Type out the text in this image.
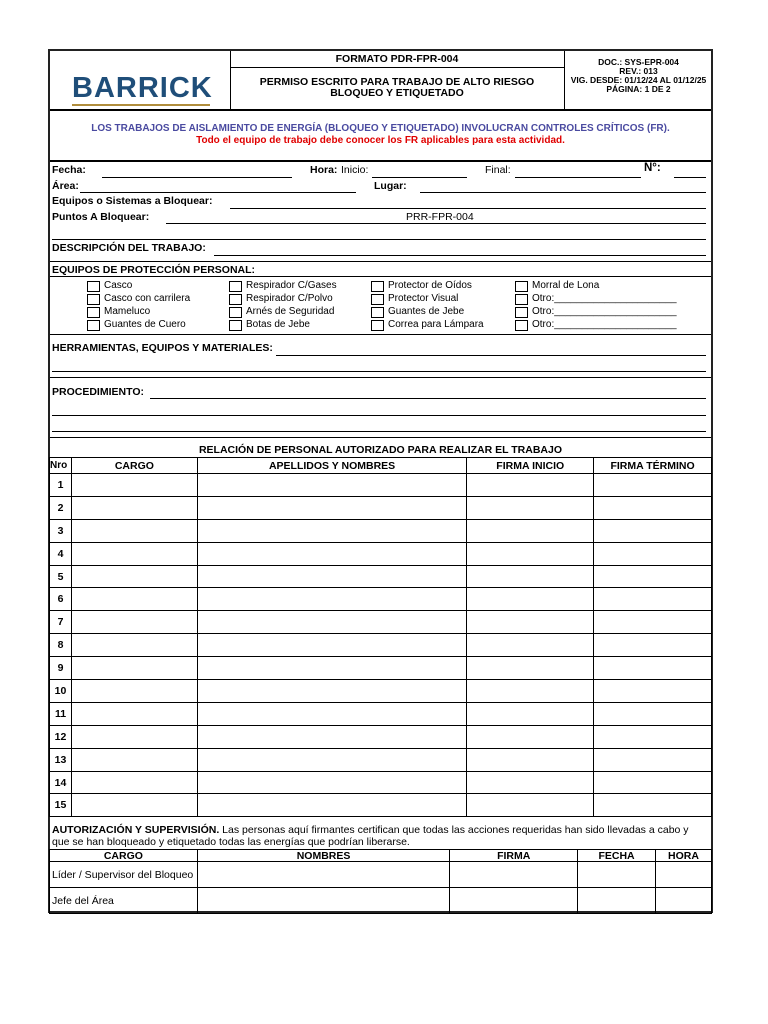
BARRICK
FORMATO PDR-FPR-004
PERMISO ESCRITO PARA TRABAJO DE ALTO RIESGO
BLOQUEO Y ETIQUETADO
DOC.: SYS-EPR-004
REV.: 013
VIG. DESDE: 01/12/24 AL 01/12/25
PÁGINA: 1 DE 2
LOS TRABAJOS DE AISLAMIENTO DE ENERGÍA (BLOQUEO Y ETIQUETADO) INVOLUCRAN CONTROLES CRÍTICOS (FR).
Todo el equipo de trabajo debe conocer los FR aplicables para esta actividad.
Fecha:	Hora: Inicio:	Final:	N°:
Área:	Lugar:
Equipos o Sistemas a Bloquear:
Puntos A Bloquear:	PRR-FPR-004
DESCRIPCIÓN DEL TRABAJO:
EQUIPOS DE PROTECCIÓN PERSONAL:
Casco
Casco con carrilera
Mameluco
Guantes de Cuero
Respirador C/Gases
Respirador C/Polvo
Arnés de Seguridad
Botas de Jebe
Protector de Oídos
Protector Visual
Guantes de Jebe
Correa para Lámpara
Morral de Lona
Otro:______________________
Otro:______________________
Otro:______________________
HERRAMIENTAS, EQUIPOS Y MATERIALES:
PROCEDIMIENTO:
RELACIÓN DE PERSONAL AUTORIZADO PARA REALIZAR EL TRABAJO
Nro	CARGO	APELLIDOS Y NOMBRES	FIRMA INICIO	FIRMA TÉRMINO
1				
2				
3				
4				
5				
6				
7				
8				
9				
10				
11				
12				
13				
14				
15				
AUTORIZACIÓN Y SUPERVISIÓN. Las personas aquí firmantes certifican que todas las acciones requeridas han sido llevadas a cabo y
que se han bloqueado y etiquetado todas las energías que podrían liberarse.
CARGO	NOMBRES	FIRMA	FECHA	HORA
Líder / Supervisor del Bloqueo				
Jefe del Área				
